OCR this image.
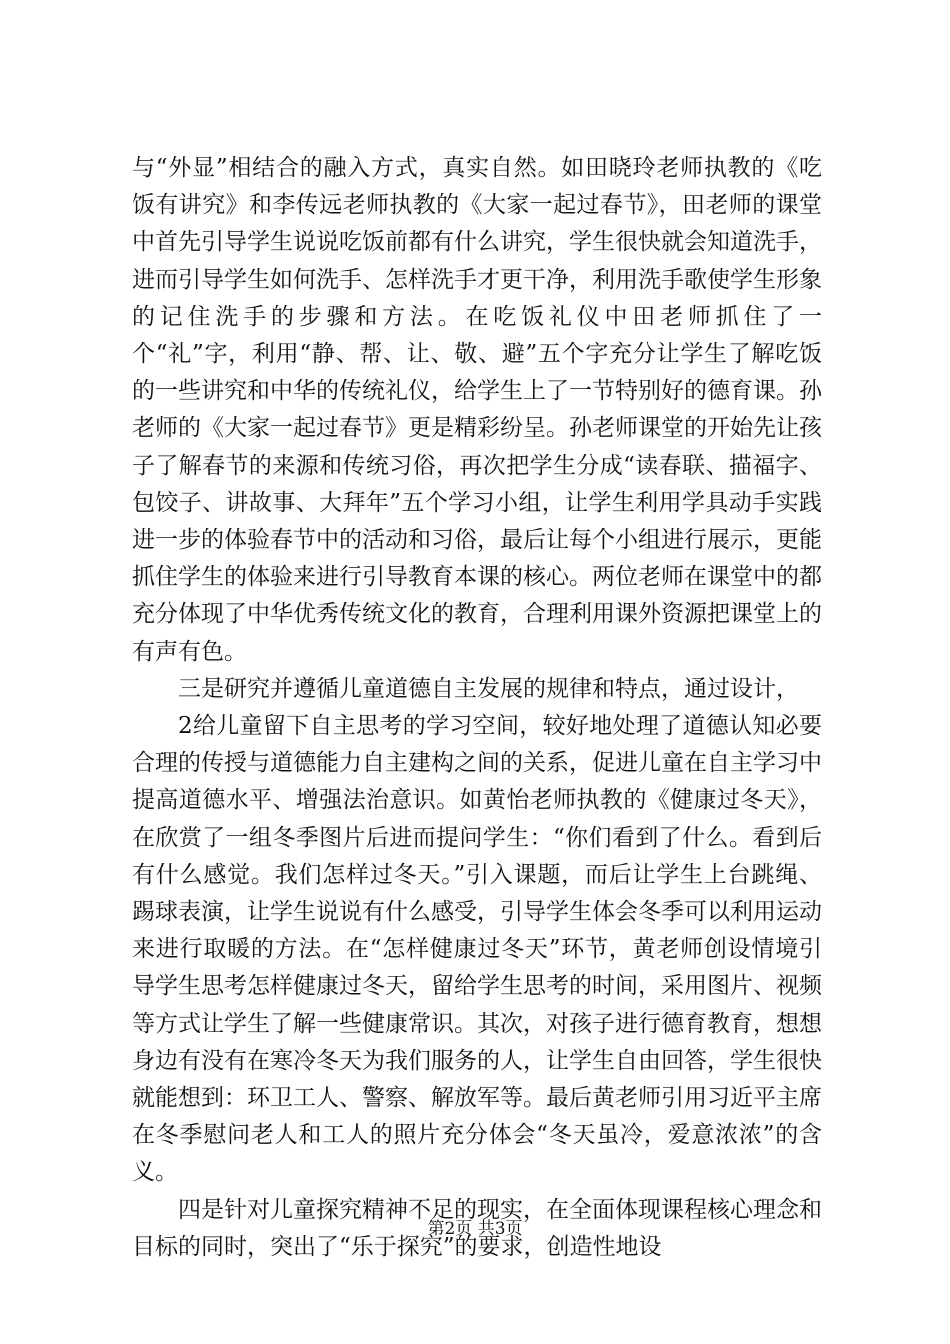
与“外显”相结合的融入方式，真实自然。如田晓玲老师执教的《吃饭有讲究》和李传远老师执教的《大家一起过春节》，田老师的课堂中首先引导学生说说吃饭前都有什么讲究，学生很快就会知道洗手，进而引导学生如何洗手、怎样洗手才更干净，利用洗手歌使学生形象的记住洗手的步骤和方法。在吃饭礼仪中田老师抓住了一个“礼”字，利用“静、帮、让、敬、避”五个字充分让学生了解吃饭的一些讲究和中华的传统礼仪，给学生上了一节特别好的德育课。孙老师的《大家一起过春节》更是精彩纷呈。孙老师课堂的开始先让孩子了解春节的来源和传统习俗，再次把学生分成“读春联、描福字、包饺子、讲故事、大拜年”五个学习小组，让学生利用学具动手实践进一步的体验春节中的活动和习俗，最后让每个小组进行展示，更能抓住学生的体验来进行引导教育本课的核心。两位老师在课堂中的都充分体现了中华优秀传统文化的教育，合理利用课外资源把课堂上的有声有色。

三是研究并遵循儿童道德自主发展的规律和特点，通过设计，

2给儿童留下自主思考的学习空间，较好地处理了道德认知必要合理的传授与道德能力自主建构之间的关系，促进儿童在自主学习中提高道德水平、增强法治意识。如黄怡老师执教的《健康过冬天》，在欣赏了一组冬季图片后进而提问学生：“你们看到了什么。看到后有什么感觉。我们怎样过冬天。”引入课题，而后让学生上台跳绳、踢球表演，让学生说说有什么感受，引导学生体会冬季可以利用运动来进行取暖的方法。在“怎样健康过冬天”环节，黄老师创设情境引导学生思考怎样健康过冬天，留给学生思考的时间，采用图片、视频等方式让学生了解一些健康常识。其次，对孩子进行德育教育，想想身边有没有在寒冷冬天为我们服务的人，让学生自由回答，学生很快就能想到：环卫工人、警察、解放军等。最后黄老师引用习近平主席在冬季慰问老人和工人的照片充分体会“冬天虽冷，爱意浓浓”的含义。

四是针对儿童探究精神不足的现实，在全面体现课程核心理念和目标的同时，突出了“乐于探究”的要求，创造性地设

第2页 共3页
